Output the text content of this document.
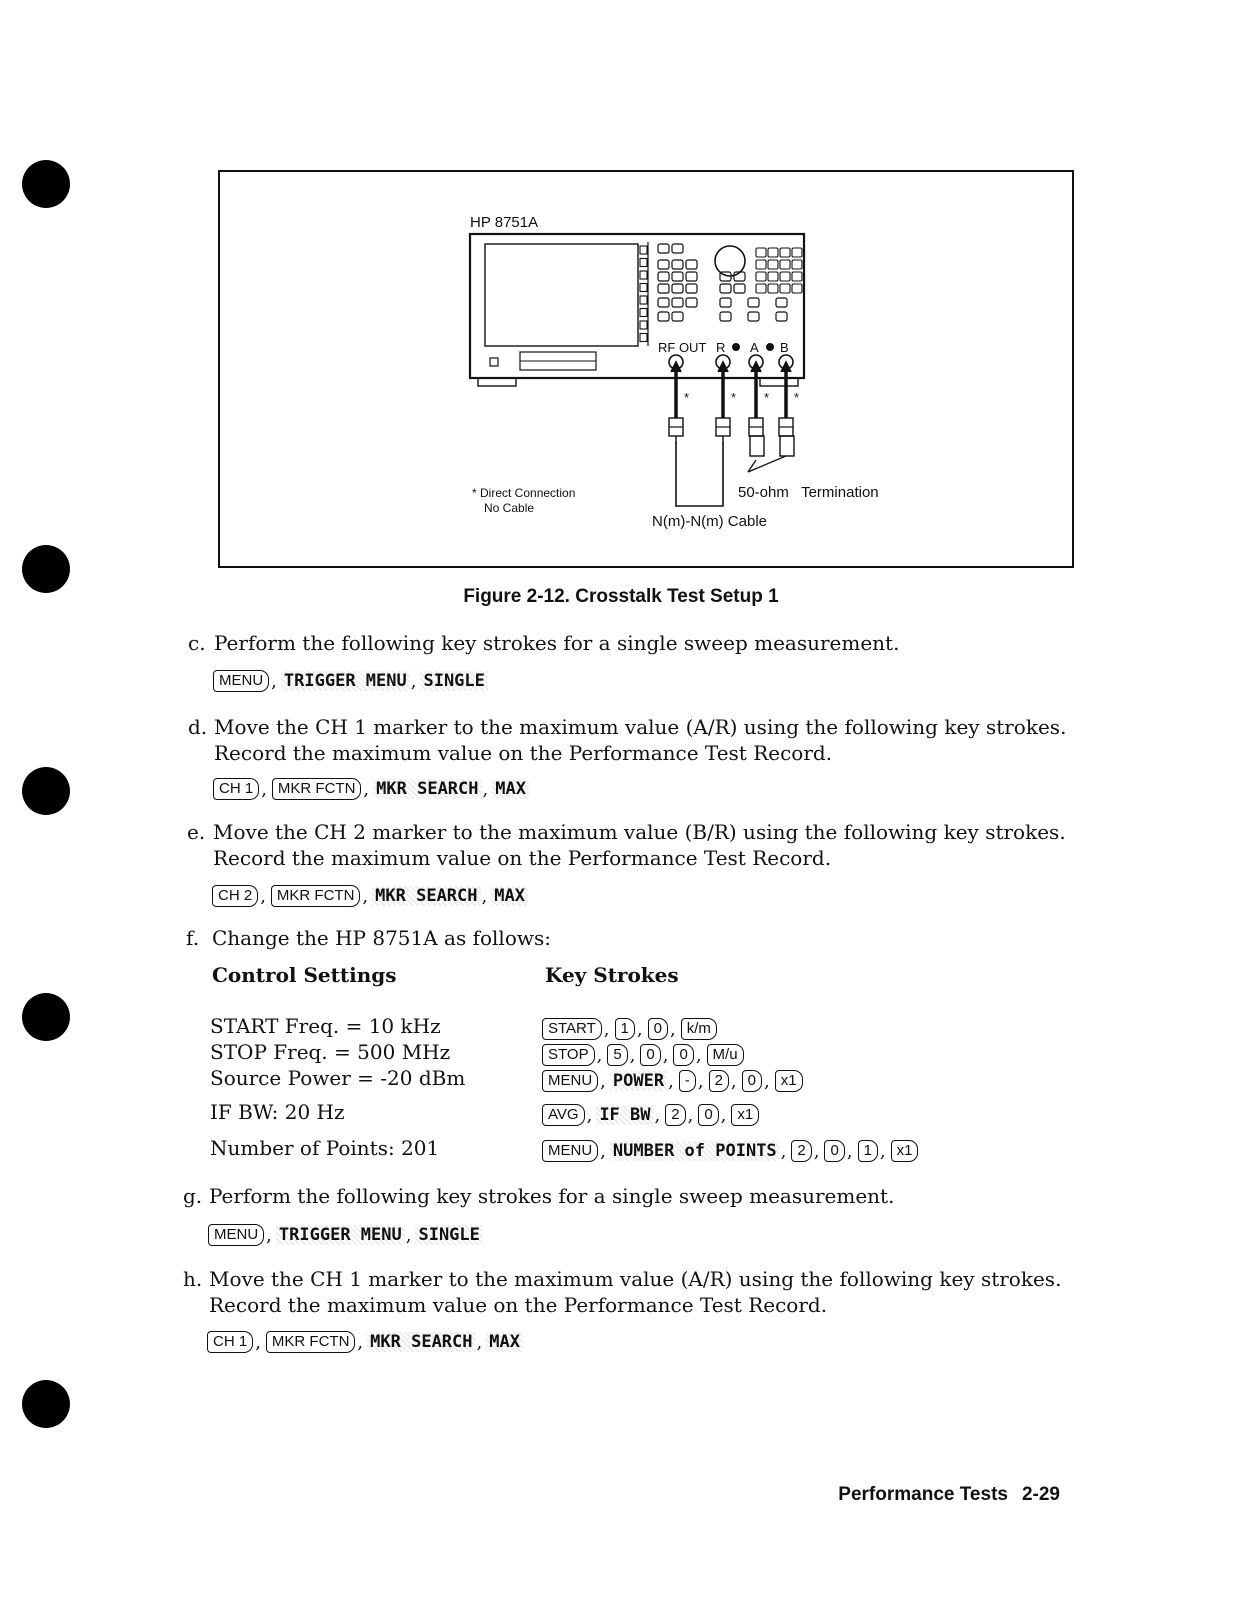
HP 8751A
RF OUT R A B
*	* * *
* Direct Connection
No Cable
50-ohm   Termination
N(m)-N(m) Cable
Figure 2-12. Crosstalk Test Setup 1
c. Perform the following key strokes for a single sweep measurement.
MENU , TRIGGER MENU , SINGLE
d. Move the CH 1 marker to the maximum value (A/R) using the following key strokes.
Record the maximum value on the Performance Test Record.
CH 1 , MKR FCTN , MKR SEARCH , MAX
e. Move the CH 2 marker to the maximum value (B/R) using the following key strokes.
Record the maximum value on the Performance Test Record.
CH 2 , MKR FCTN , MKR SEARCH , MAX
f. Change the HP 8751A as follows:
Control Settings	Key Strokes
START Freq. = 10 kHz	START , 1 , 0 , k/m
STOP Freq. = 500 MHz	STOP , 5 , 0 , 0 , M/u
Source Power = -20 dBm	MENU , POWER , - , 2 , 0 , x1
IF BW: 20 Hz	AVG , IF BW , 2 , 0 , x1
Number of Points: 201	MENU , NUMBER of POINTS , 2 , 0 , 1 , x1
g. Perform the following key strokes for a single sweep measurement.
MENU , TRIGGER MENU , SINGLE
h. Move the CH 1 marker to the maximum value (A/R) using the following key strokes.
Record the maximum value on the Performance Test Record.
CH 1 , MKR FCTN , MKR SEARCH , MAX
Performance Tests 2-29
